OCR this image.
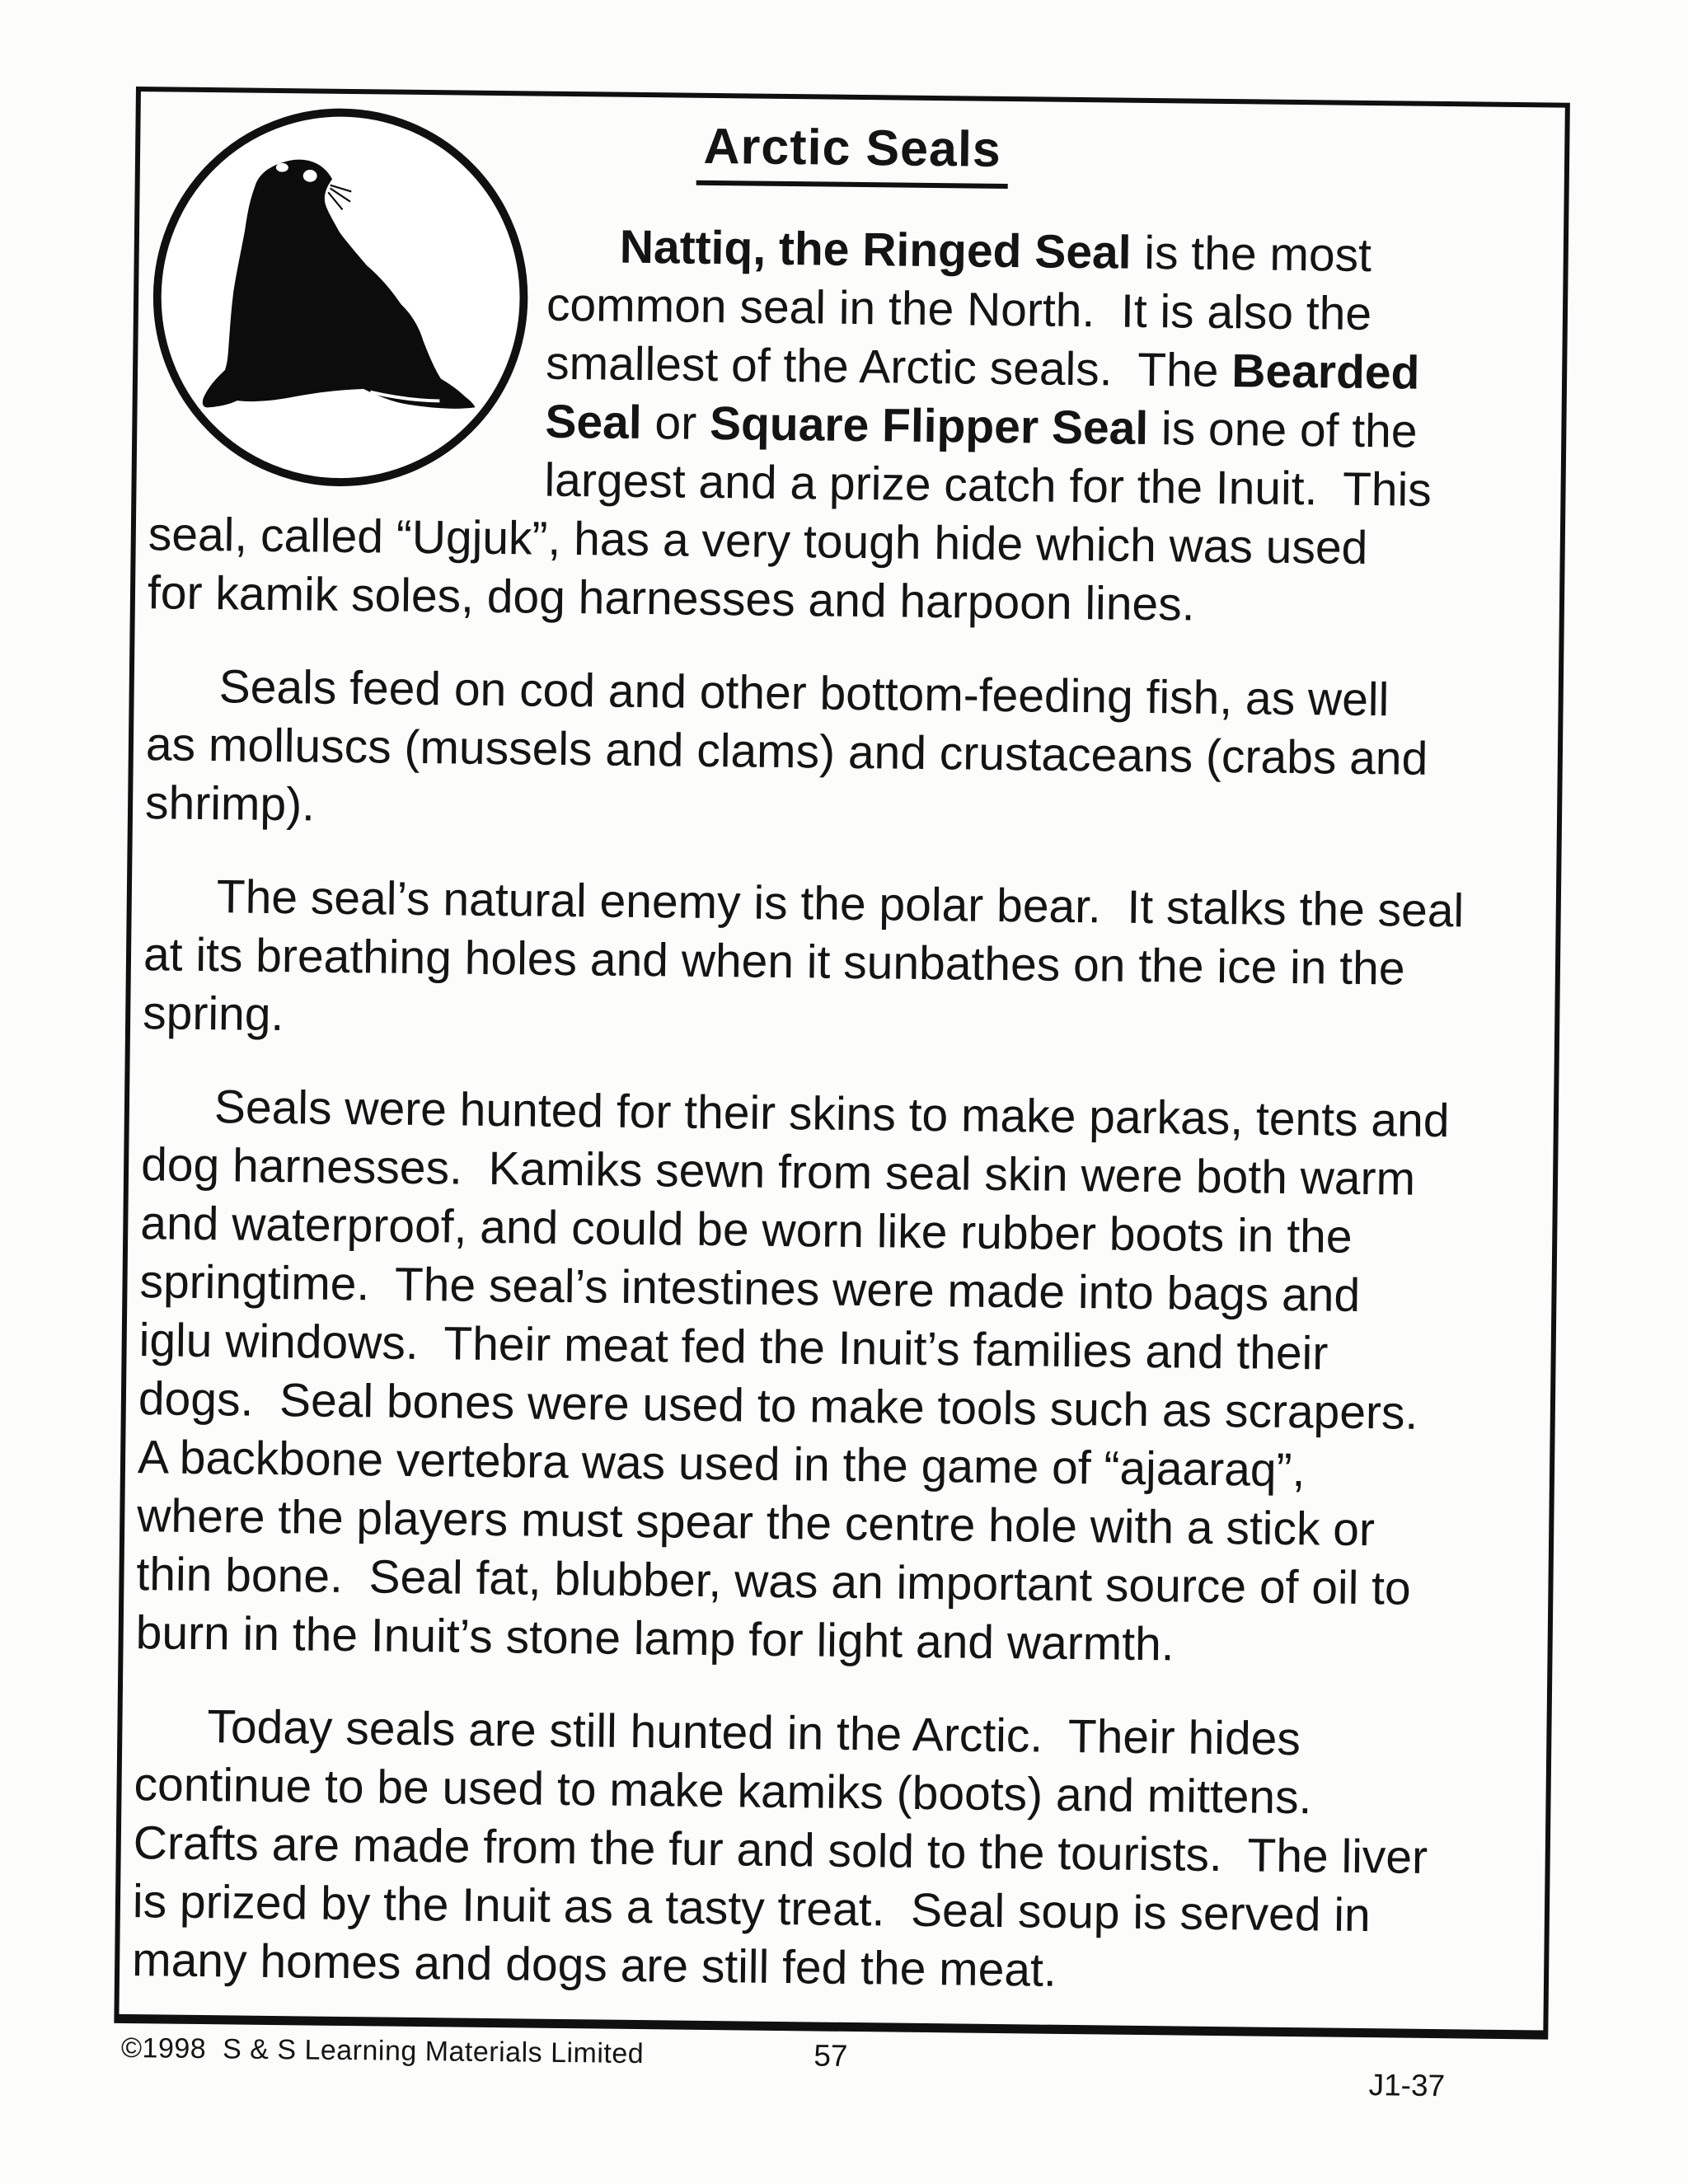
Arctic Seals
Nattiq, the Ringed Seal is the most
common seal in the North.  It is also the
smallest of the Arctic seals.  The Bearded
Seal or Square Flipper Seal is one of the
largest and a prize catch for the Inuit.  This
seal, called “Ugjuk”, has a very tough hide which was used
for kamik soles, dog harnesses and harpoon lines.
Seals feed on cod and other bottom-feeding fish, as well
as molluscs (mussels and clams) and crustaceans (crabs and
shrimp).
The seal’s natural enemy is the polar bear.  It stalks the seal
at its breathing holes and when it sunbathes on the ice in the
spring.
Seals were hunted for their skins to make parkas, tents and
dog harnesses.  Kamiks sewn from seal skin were both warm
and waterproof, and could be worn like rubber boots in the
springtime.  The seal’s intestines were made into bags and
iglu windows.  Their meat fed the Inuit’s families and their
dogs.  Seal bones were used to make tools such as scrapers.
A backbone vertebra was used in the game of “ajaaraq”,
where the players must spear the centre hole with a stick or
thin bone.  Seal fat, blubber, was an important source of oil to
burn in the Inuit’s stone lamp for light and warmth.
Today seals are still hunted in the Arctic.  Their hides
continue to be used to make kamiks (boots) and mittens.
Crafts are made from the fur and sold to the tourists.  The liver
is prized by the Inuit as a tasty treat.  Seal soup is served in
many homes and dogs are still fed the meat.
©1998  S & S Learning Materials Limited	57
J1-37
